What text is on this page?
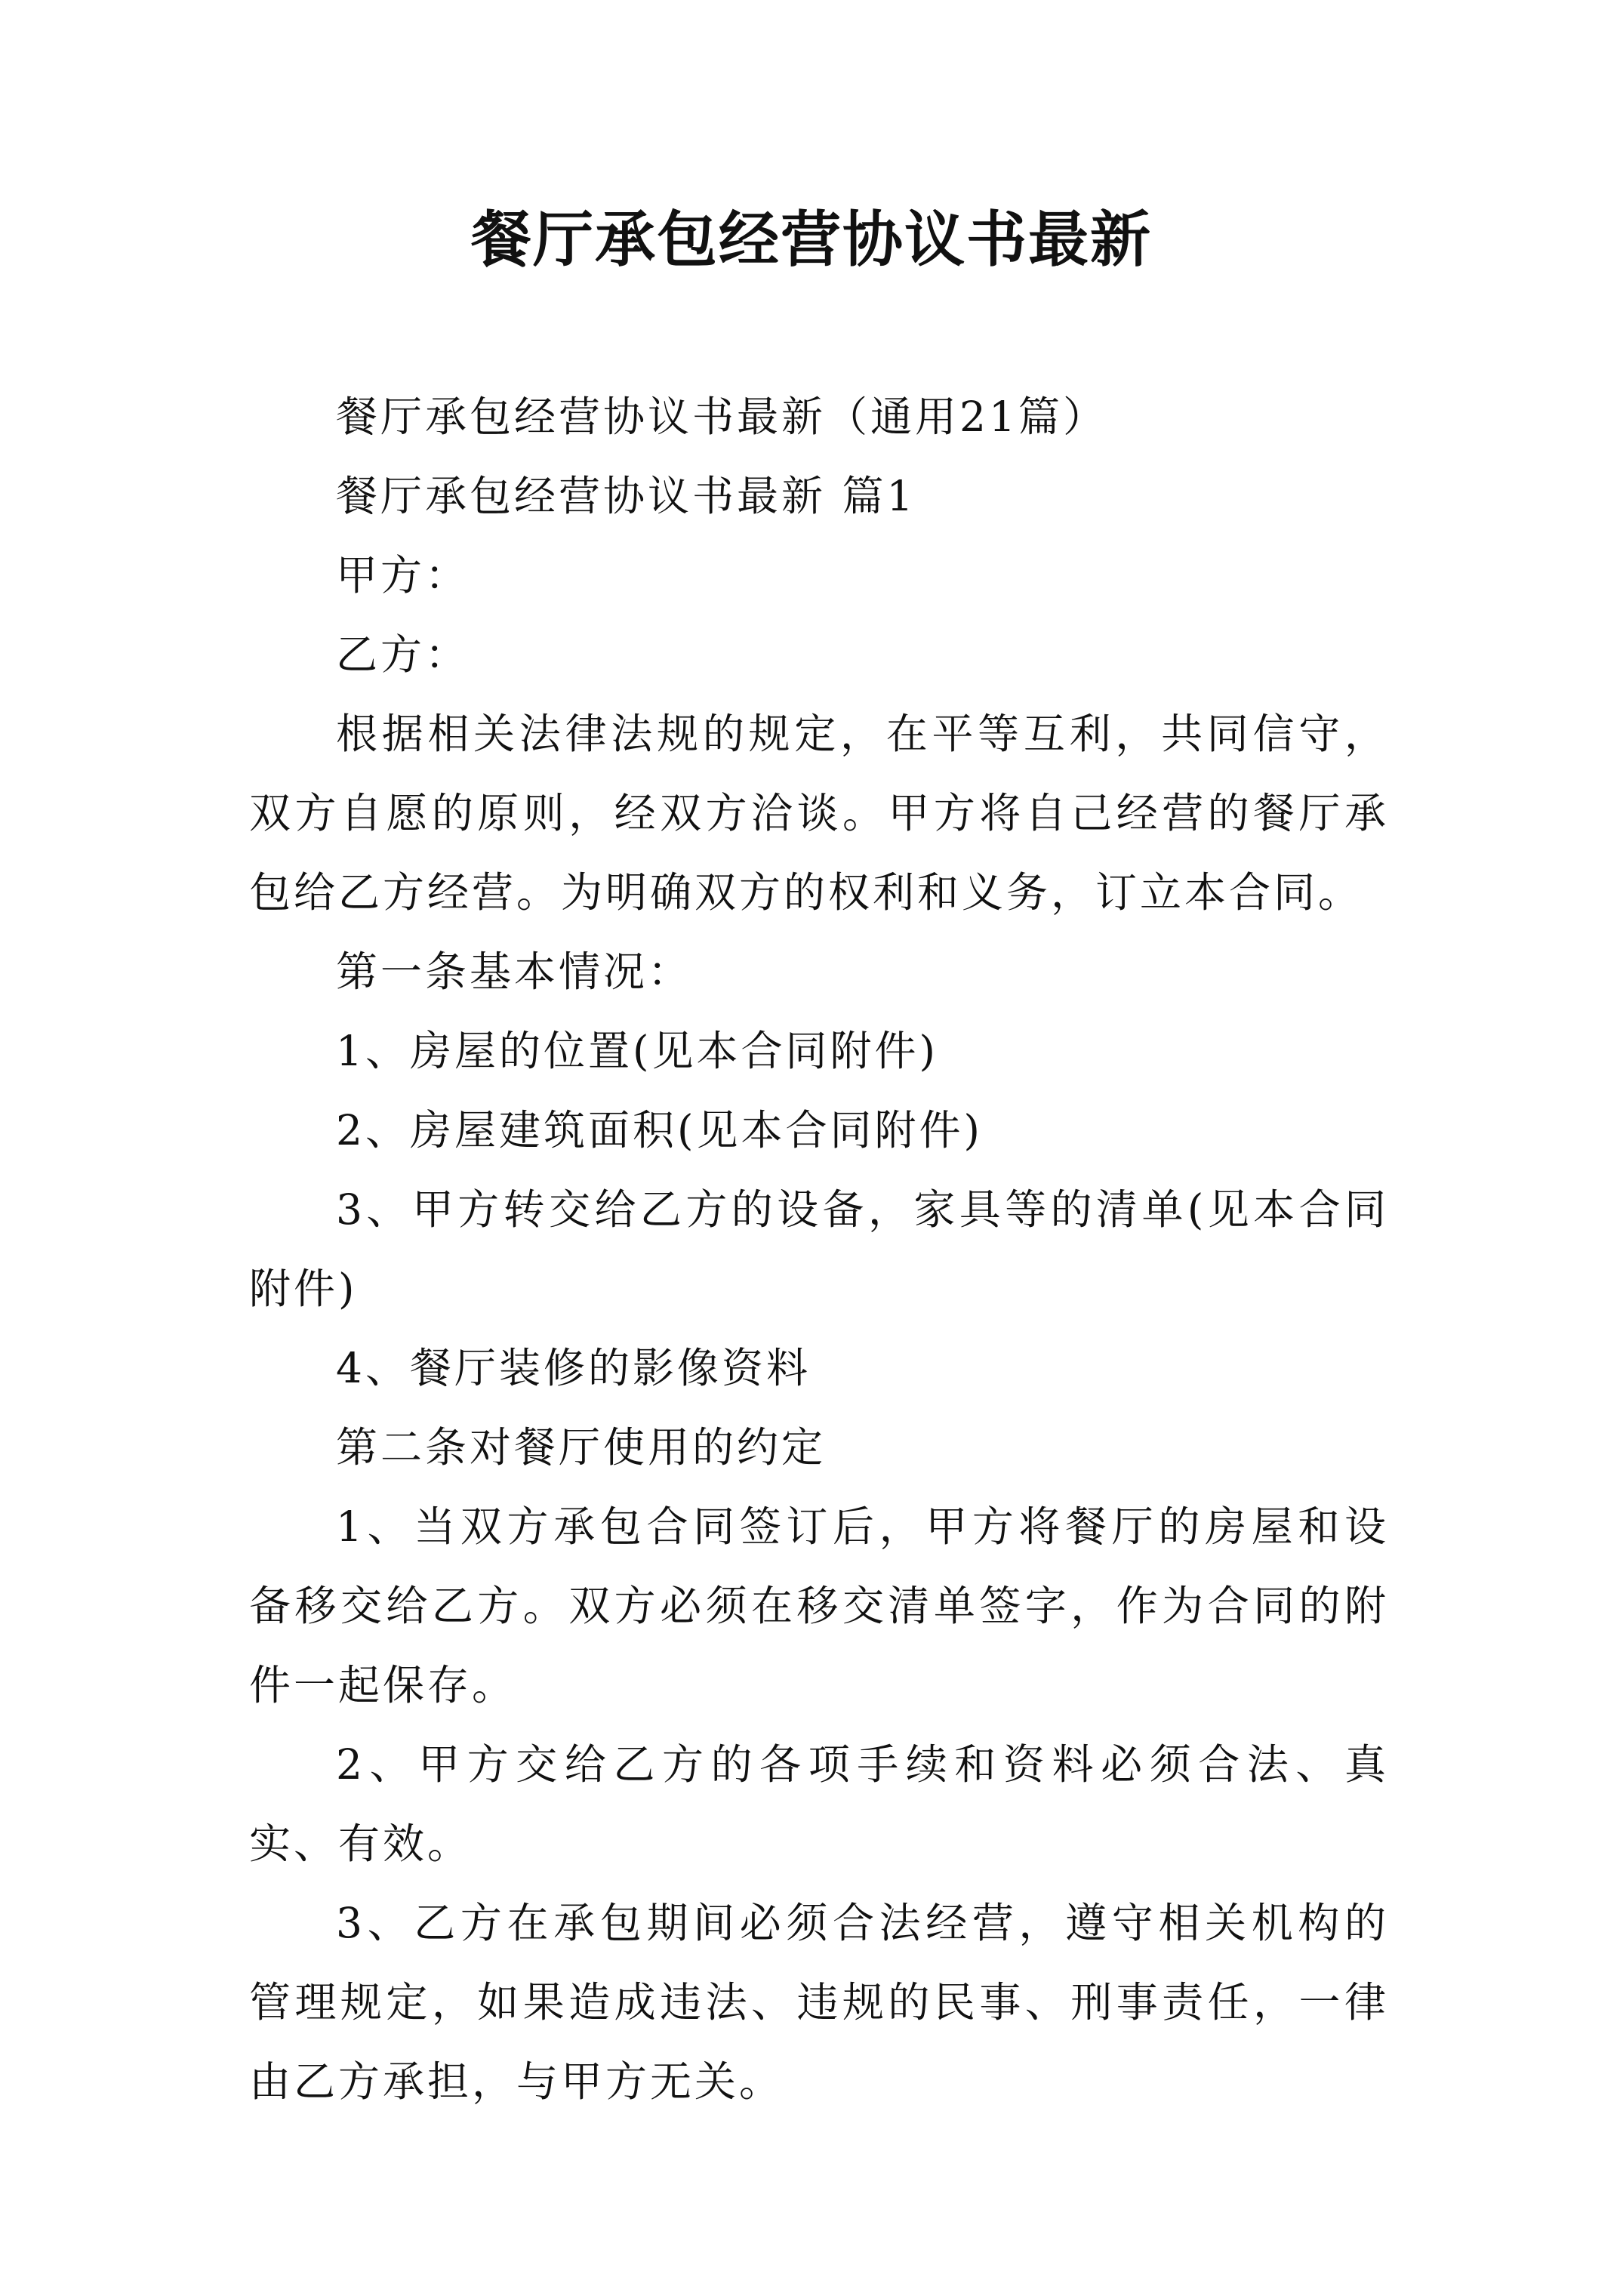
餐厅承包经营协议书最新

餐厅承包经营协议书最新（通用21篇）

餐厅承包经营协议书最新 篇1

甲方：

乙方：

根据相关法律法规的规定，在平等互利，共同信守，双方自愿的原则，经双方洽谈。甲方将自己经营的餐厅承包给乙方经营。为明确双方的权利和义务，订立本合同。

第一条基本情况：

1、房屋的位置(见本合同附件)

2、房屋建筑面积(见本合同附件)

3、甲方转交给乙方的设备，家具等的清单(见本合同附件)

4、餐厅装修的影像资料

第二条对餐厅使用的约定

1、当双方承包合同签订后，甲方将餐厅的房屋和设备移交给乙方。双方必须在移交清单签字，作为合同的附件一起保存。

2、甲方交给乙方的各项手续和资料必须合法、真实、有效。

3、乙方在承包期间必须合法经营，遵守相关机构的管理规定，如果造成违法、违规的民事、刑事责任，一律由乙方承担，与甲方无关。
